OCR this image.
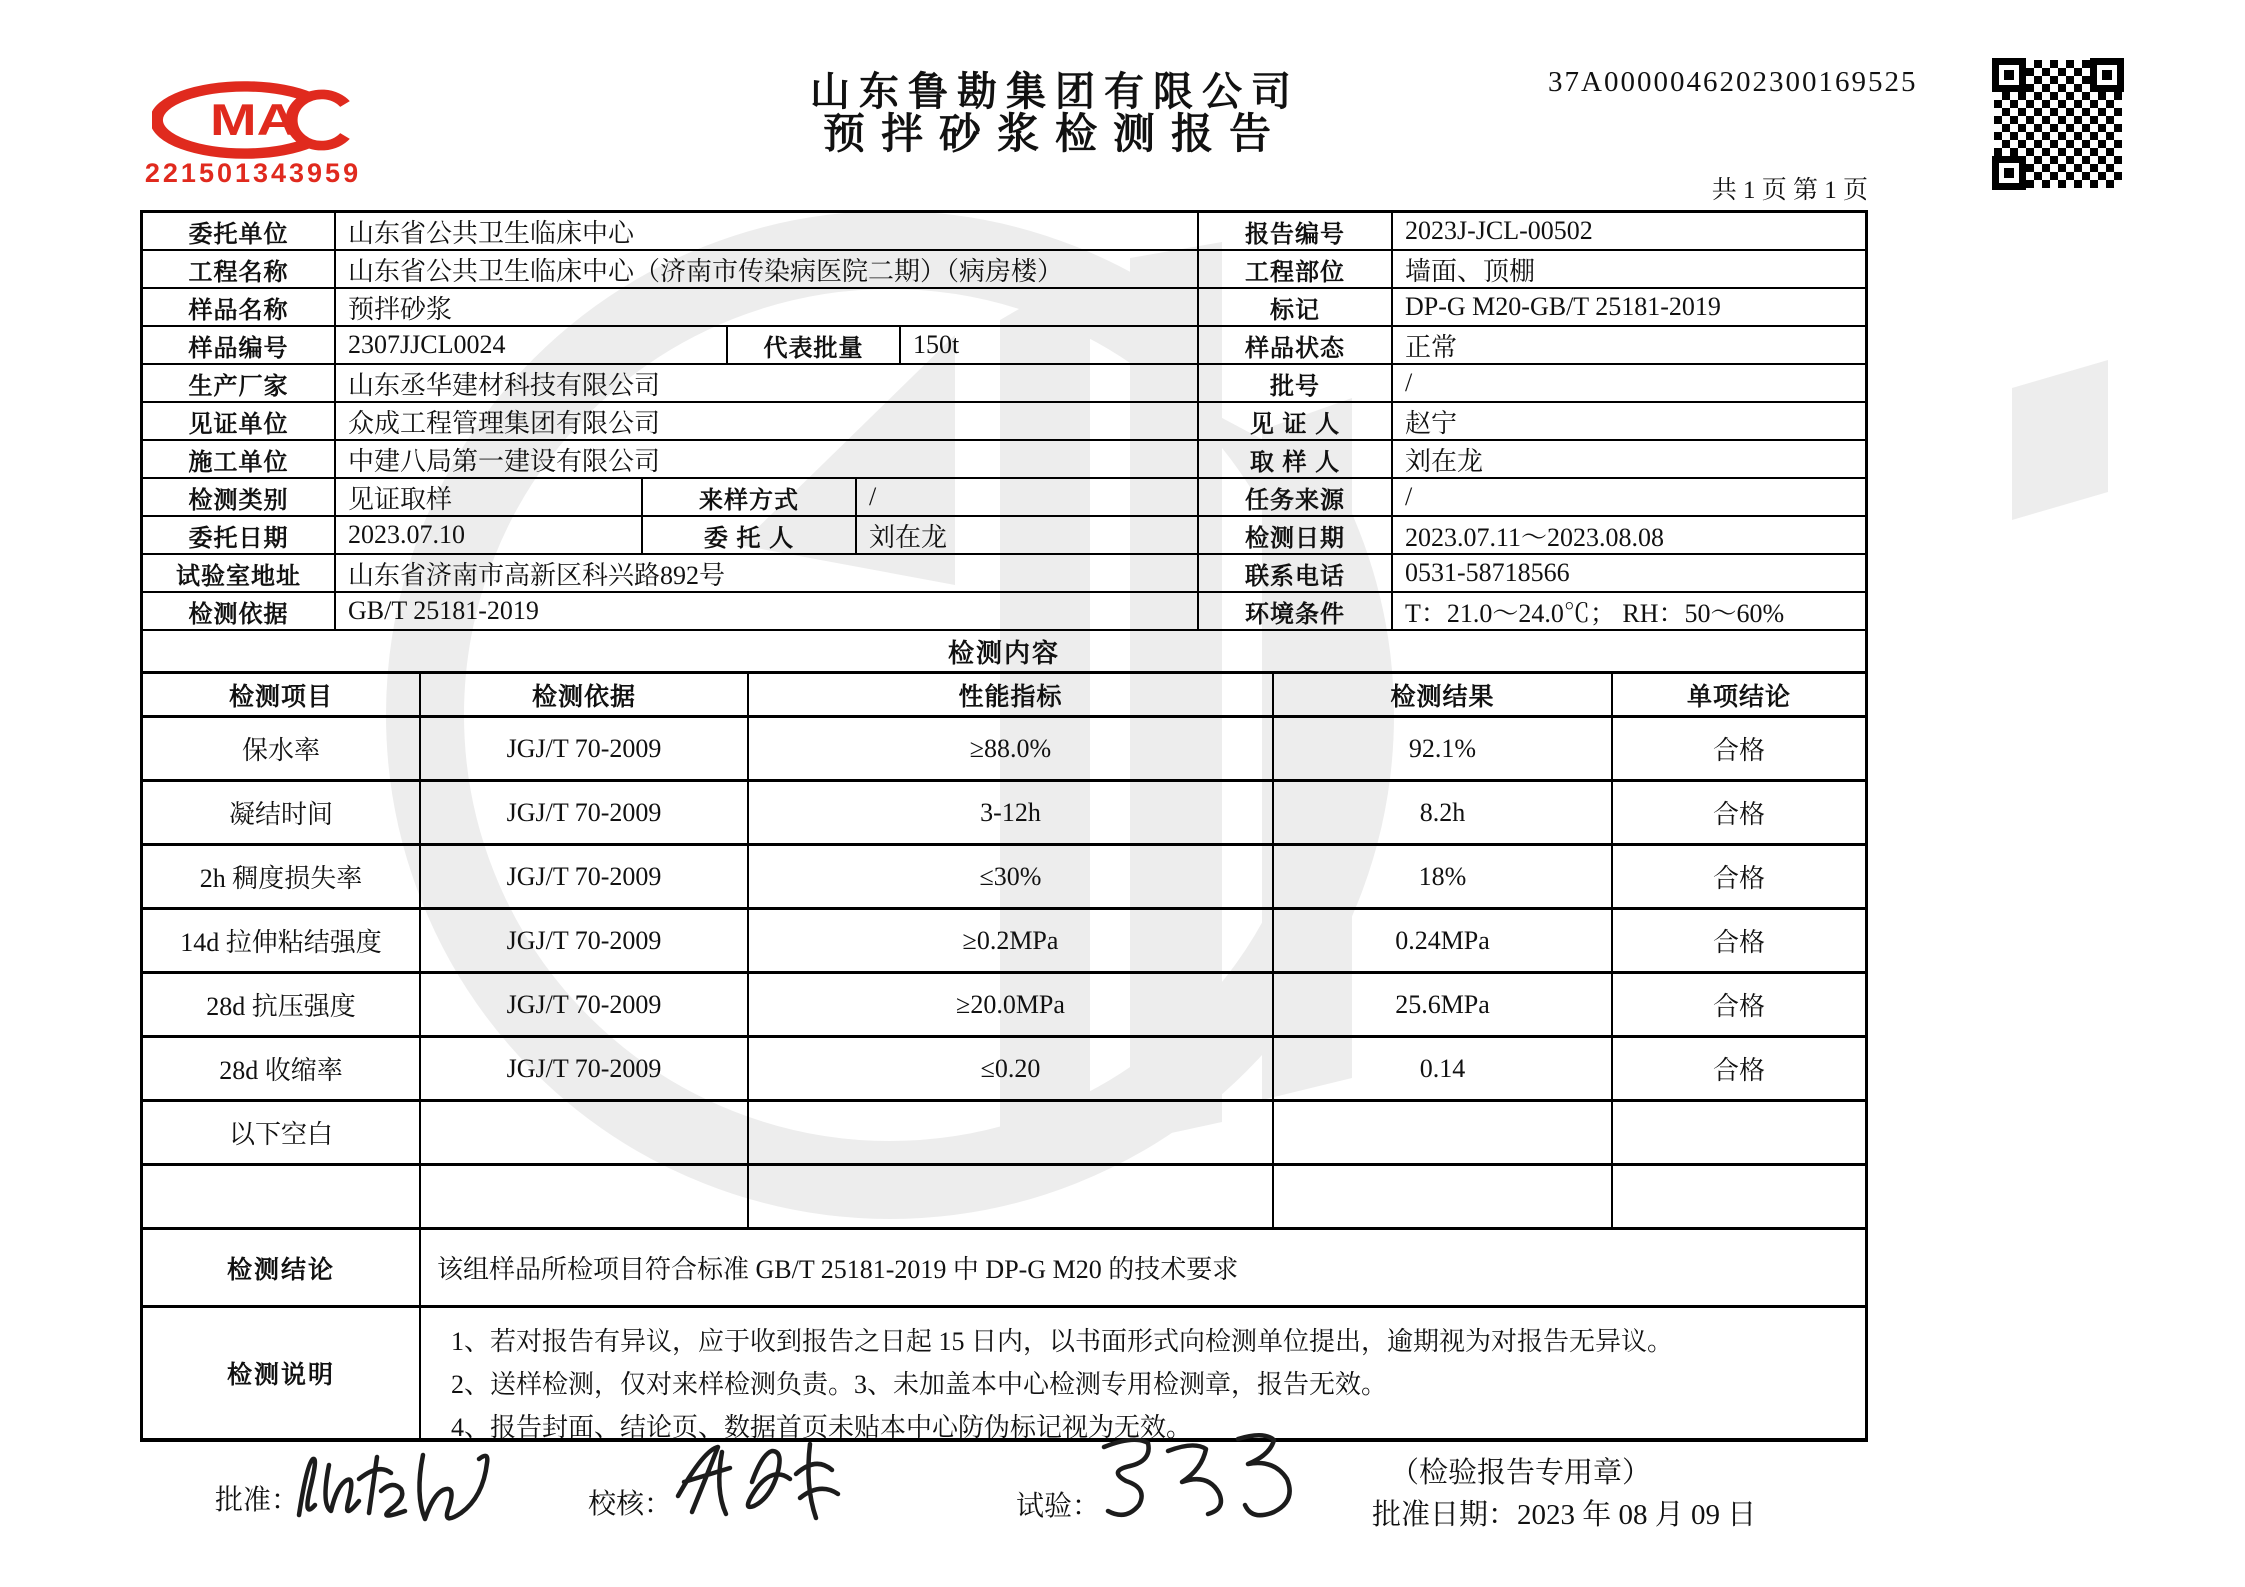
MA
221501343959
山东鲁勘集团有限公司
预拌砂浆检测报告
37A0000046202300169525
共 1 页 第 1 页
委托单位	山东省公共卫生临床中心	报告编号	2023J-JCL-00502
工程名称	山东省公共卫生临床中心（济南市传染病医院二期）（病房楼）	工程部位	墙面、顶棚
样品名称	预拌砂浆	标记	DP-G M20-GB/T 25181-2019
样品编号	2307JJCL0024	代表批量	150t	样品状态	正常
生产厂家	山东丞华建材科技有限公司	批号	/
见证单位	众成工程管理集团有限公司	见 证 人	赵宁
施工单位	中建八局第一建设有限公司	取 样 人	刘在龙
检测类别	见证取样	来样方式	/	任务来源	/
委托日期	2023.07.10	委 托 人	刘在龙	检测日期	2023.07.11～2023.08.08
试验室地址	山东省济南市高新区科兴路892号	联系电话	0531-58718566
检测依据	GB/T 25181-2019	环境条件	T：21.0～24.0℃； RH：50～60%
检测内容
检测项目	检测依据	性能指标	检测结果	单项结论
保水率	JGJ/T 70-2009	≥88.0%	92.1%	合格
凝结时间	JGJ/T 70-2009	3-12h	8.2h	合格
2h 稠度损失率	JGJ/T 70-2009	≤30%	18%	合格
14d 拉伸粘结强度	JGJ/T 70-2009	≥0.2MPa	0.24MPa	合格
28d 抗压强度	JGJ/T 70-2009	≥20.0MPa	25.6MPa	合格
28d 收缩率	JGJ/T 70-2009	≤0.20	0.14	合格
以下空白
检测结论	该组样品所检项目符合标准 GB/T 25181-2019 中 DP-G M20 的技术要求
检测说明
1、若对报告有异议，应于收到报告之日起 15 日内，以书面形式向检测单位提出，逾期视为对报告无异议。
2、送样检测，仅对来样检测负责。3、未加盖本中心检测专用检测章，报告无效。
4、报告封面、结论页、数据首页未贴本中心防伪标记视为无效。
批准：	校核：	试验：
（检验报告专用章）
批准日期：2023 年 08 月 09 日
